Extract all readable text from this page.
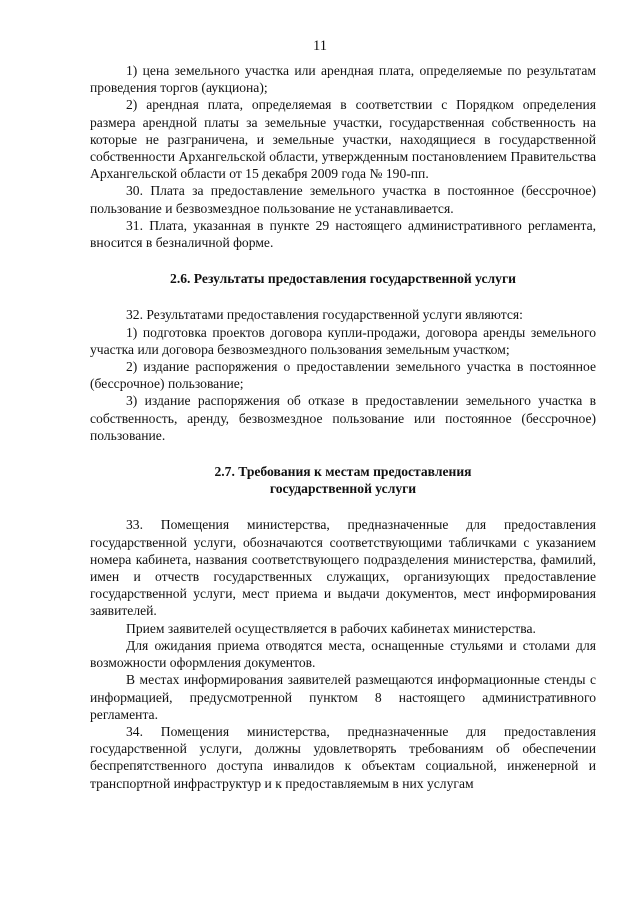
11

1) цена земельного участка или арендная плата, определяемые по результатам проведения торгов (аукциона);

2) арендная плата, определяемая в соответствии с Порядком определения размера арендной платы за земельные участки, государственная собственность на которые не разграничена, и земельные участки, находящиеся в государственной собственности Архангельской области, утвержденным постановлением Правительства Архангельской области от 15 декабря 2009 года № 190-пп.

30. Плата за предоставление земельного участка в постоянное (бессрочное) пользование и безвозмездное пользование не устанавливается.

31. Плата, указанная в пункте 29 настоящего административного регламента, вносится в безналичной форме.

2.6. Результаты предоставления государственной услуги

32. Результатами предоставления государственной услуги являются:

1) подготовка проектов договора купли-продажи, договора аренды земельного участка или договора безвозмездного пользования земельным участком;

2) издание распоряжения о предоставлении земельного участка в постоянное (бессрочное) пользование;

3) издание распоряжения об отказе в предоставлении земельного участка в собственность, аренду, безвозмездное пользование или постоянное (бессрочное) пользование.

2.7. Требования к местам предоставления

государственной услуги

33. Помещения министерства, предназначенные для предоставления государственной услуги, обозначаются соответствующими табличками с указанием номера кабинета, названия соответствующего подразделения министерства, фамилий, имен и отчеств государственных служащих, организующих предоставление государственной услуги, мест приема и выдачи документов, мест информирования заявителей.

Прием заявителей осуществляется в рабочих кабинетах министерства.

Для ожидания приема отводятся места, оснащенные стульями и столами для возможности оформления документов.

В местах информирования заявителей размещаются информационные стенды с информацией, предусмотренной пунктом 8 настоящего административного регламента.

34. Помещения министерства, предназначенные для предоставления государственной услуги, должны удовлетворять требованиям об обеспечении беспрепятственного доступа инвалидов к объектам социальной, инженерной и транспортной инфраструктур и к предоставляемым в них услугам
